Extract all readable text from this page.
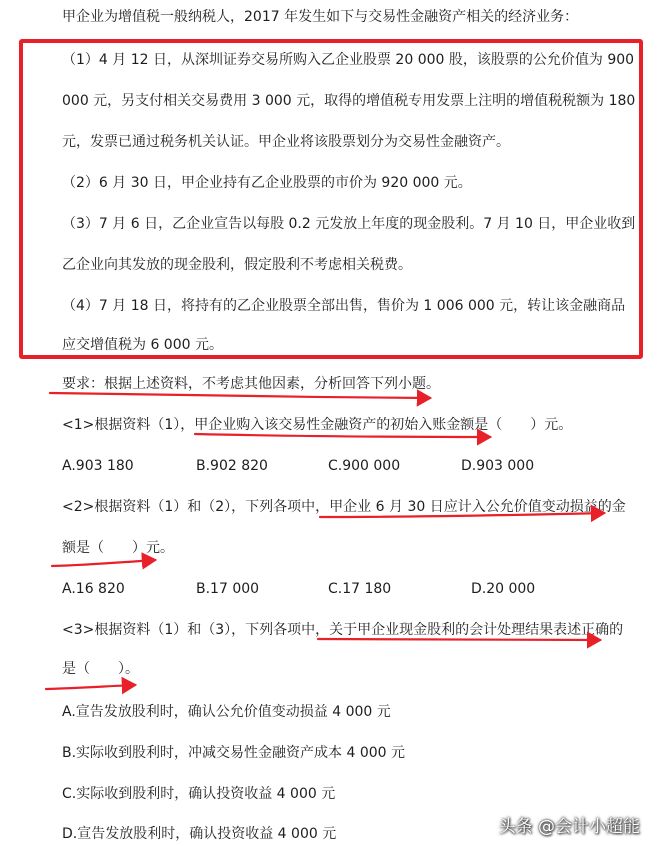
甲企业为增值税一般纳税人，2017 年发生如下与交易性金融资产相关的经济业务：
（1）4 月 12 日，从深圳证券交易所购入乙企业股票 20 000 股，该股票的公允价值为 900
000 元，另支付相关交易费用 3 000 元，取得的增值税专用发票上注明的增值税税额为 180
元，发票已通过税务机关认证。甲企业将该股票划分为交易性金融资产。
（2）6 月 30 日，甲企业持有乙企业股票的市价为 920 000 元。
（3）7 月 6 日，乙企业宣告以每股 0.2 元发放上年度的现金股利。7 月 10 日，甲企业收到
乙企业向其发放的现金股利，假定股利不考虑相关税费。
（4）7 月 18 日，将持有的乙企业股票全部出售，售价为 1 006 000 元，转让该金融商品
应交增值税为 6 000 元。
要求：根据上述资料，不考虑其他因素，分析回答下列小题。
<1>根据资料（1），甲企业购入该交易性金融资产的初始入账金额是（　　）元。
A.903 180	B.902 820	C.900 000	D.903 000
<2>根据资料（1）和（2），下列各项中，甲企业 6 月 30 日应计入公允价值变动损益的金
额是（　　）元。
A.16 820	B.17 000	C.17 180	D.20 000
<3>根据资料（1）和（3），下列各项中，关于甲企业现金股利的会计处理结果表述正确的
是（　　）。
A.宣告发放股利时，确认公允价值变动损益 4 000 元
B.实际收到股利时，冲减交易性金融资产成本 4 000 元
C.实际收到股利时，确认投资收益 4 000 元
D.宣告发放股利时，确认投资收益 4 000 元	头条 @会计小超能
